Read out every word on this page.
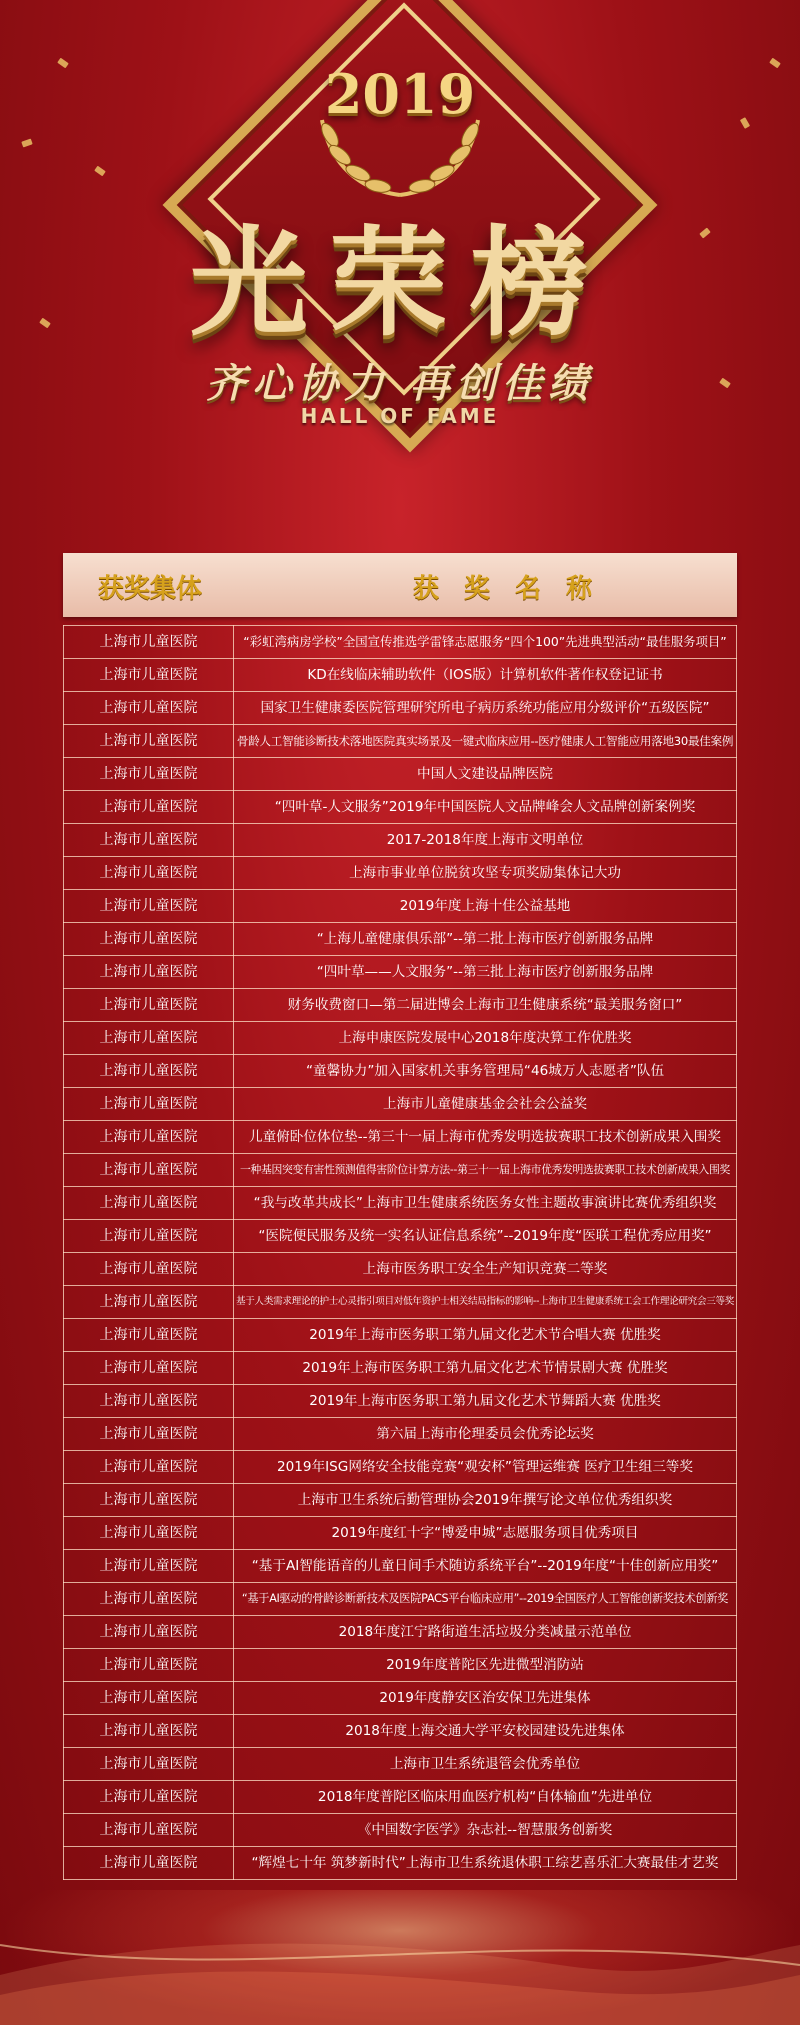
2019
光荣榜
齐心协力 再创佳绩
HALL OF FAME
获奖集体	获 奖 名 称
上海市儿童医院	“彩虹湾病房学校”全国宣传推选学雷锋志愿服务“四个100”先进典型活动“最佳服务项目”
上海市儿童医院	KD在线临床辅助软件（IOS版）计算机软件著作权登记证书
上海市儿童医院	国家卫生健康委医院管理研究所电子病历系统功能应用分级评价“五级医院”
上海市儿童医院	骨龄人工智能诊断技术落地医院真实场景及一键式临床应用--医疗健康人工智能应用落地30最佳案例
上海市儿童医院	中国人文建设品牌医院
上海市儿童医院	“四叶草-人文服务”2019年中国医院人文品牌峰会人文品牌创新案例奖
上海市儿童医院	2017-2018年度上海市文明单位
上海市儿童医院	上海市事业单位脱贫攻坚专项奖励集体记大功
上海市儿童医院	2019年度上海十佳公益基地
上海市儿童医院	“上海儿童健康俱乐部”--第二批上海市医疗创新服务品牌
上海市儿童医院	“四叶草——人文服务”--第三批上海市医疗创新服务品牌
上海市儿童医院	财务收费窗口—第二届进博会上海市卫生健康系统“最美服务窗口”
上海市儿童医院	上海申康医院发展中心2018年度决算工作优胜奖
上海市儿童医院	“童馨协力”加入国家机关事务管理局“46城万人志愿者”队伍
上海市儿童医院	上海市儿童健康基金会社会公益奖
上海市儿童医院	儿童俯卧位体位垫--第三十一届上海市优秀发明选拔赛职工技术创新成果入围奖
上海市儿童医院	一种基因突变有害性预测值得害阶位计算方法--第三十一届上海市优秀发明选拔赛职工技术创新成果入围奖
上海市儿童医院	“我与改革共成长”上海市卫生健康系统医务女性主题故事演讲比赛优秀组织奖
上海市儿童医院	“医院便民服务及统一实名认证信息系统”--2019年度“医联工程优秀应用奖”
上海市儿童医院	上海市医务职工安全生产知识竞赛二等奖
上海市儿童医院	基于人类需求理论的护士心灵指引项目对低年资护士相关结局指标的影响--上海市卫生健康系统工会工作理论研究会三等奖
上海市儿童医院	2019年上海市医务职工第九届文化艺术节合唱大赛 优胜奖
上海市儿童医院	2019年上海市医务职工第九届文化艺术节情景剧大赛 优胜奖
上海市儿童医院	2019年上海市医务职工第九届文化艺术节舞蹈大赛 优胜奖
上海市儿童医院	第六届上海市伦理委员会优秀论坛奖
上海市儿童医院	2019年ISG网络安全技能竞赛“观安杯”管理运维赛 医疗卫生组三等奖
上海市儿童医院	上海市卫生系统后勤管理协会2019年撰写论文单位优秀组织奖
上海市儿童医院	2019年度红十字“博爱申城”志愿服务项目优秀项目
上海市儿童医院	“基于AI智能语音的儿童日间手术随访系统平台”--2019年度“十佳创新应用奖”
上海市儿童医院	“基于AI驱动的骨龄诊断新技术及医院PACS平台临床应用”--2019全国医疗人工智能创新奖技术创新奖
上海市儿童医院	2018年度江宁路街道生活垃圾分类减量示范单位
上海市儿童医院	2019年度普陀区先进微型消防站
上海市儿童医院	2019年度静安区治安保卫先进集体
上海市儿童医院	2018年度上海交通大学平安校园建设先进集体
上海市儿童医院	上海市卫生系统退管会优秀单位
上海市儿童医院	2018年度普陀区临床用血医疗机构“自体输血”先进单位
上海市儿童医院	《中国数字医学》杂志社--智慧服务创新奖
上海市儿童医院	“辉煌七十年 筑梦新时代”上海市卫生系统退休职工综艺喜乐汇大赛最佳才艺奖
